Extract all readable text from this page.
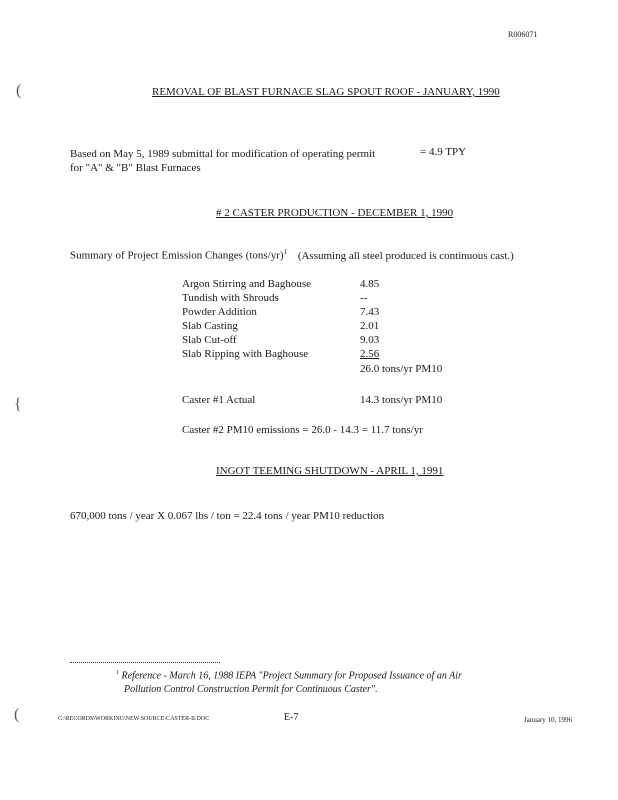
R006071
(
{
(
REMOVAL OF BLAST FURNACE SLAG SPOUT ROOF - JANUARY, 1990
Based on May 5, 1989 submittal for modification of operating permit	= 4.9 TPY
for "A" & "B" Blast Furnaces
# 2 CASTER PRODUCTION - DECEMBER 1, 1990
Summary of Project Emission Changes (tons/yr)$^1$ (Assuming all steel produced is continuous cast.)
Argon Stirring and Baghouse	4.85
Tundish with Shrouds	--
Powder Addition	7.43
Slab Casting	2.01
Slab Cut-off	9.03
Slab Ripping with Baghouse	2.56
26.0 tons/yr PM10
Caster #1 Actual	14.3 tons/yr PM10
Caster #2 PM10 emissions = 26.0 - 14.3 = 11.7 tons/yr
INGOT TEEMING SHUTDOWN - APRIL 1, 1991
670,000 tons / year X 0.067 lbs / ton = 22.4 tons / year PM10 reduction
$^1$ Reference - March 16, 1988 IEPA "Project Summary for Proposed Issuance of an Air
Pollution Control Construction Permit for Continuous Caster".
G:\RECORDS\WORKING\NEW SOURCE\CASTER-II.DOC	E-7	January 10, 1996
